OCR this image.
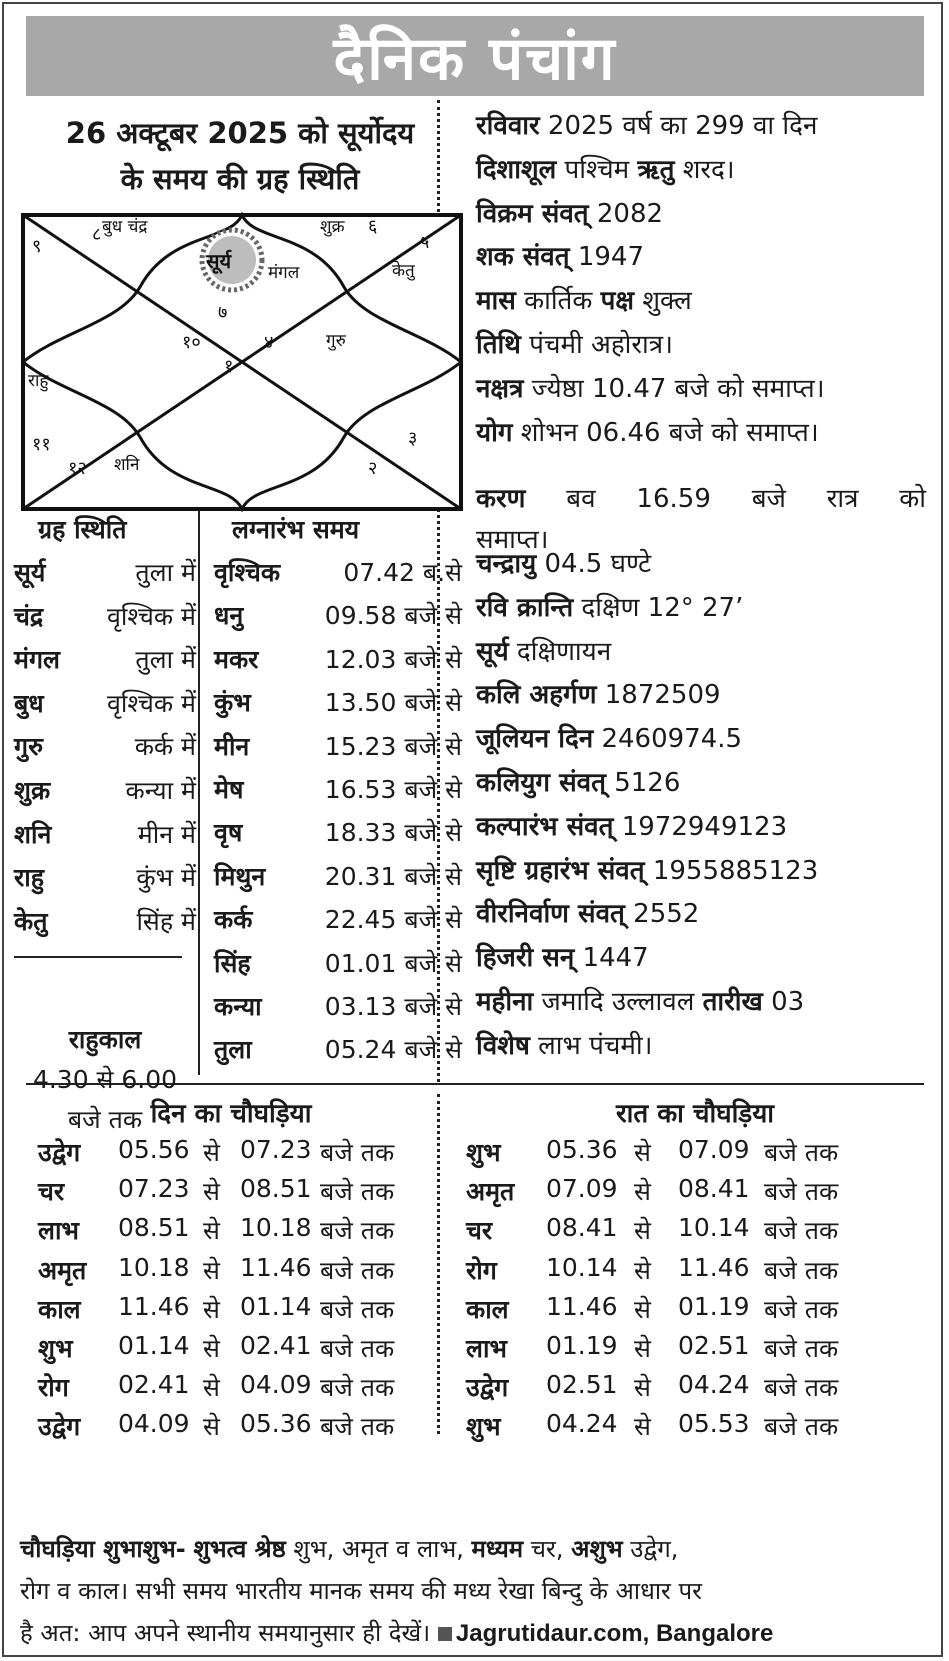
दैनिक पंचांग
26 अक्टूबर 2025 को सूर्योदय
के समय की ग्रह स्थिति
७
८
९
१०
११
१२
१
२
३
४
५
६
बुध चंद्र
सूर्य मंगल
शुक्र
केतु
गुरु
राहु
शनि
ग्रह स्थिति
सूर्य	तुला में
चंद्र	वृश्चिक में
मंगल	तुला में
बुध	वृश्चिक में
गुरु	कर्क में
शुक्र	कन्या में
शनि	मीन में
राहु	कुंभ में
केतु	सिंह में
राहुकाल
4.30 से 6.00
बजे तक
लग्नारंभ समय
वृश्चिक	07.42 ब.से
धनु	09.58 बजे से
मकर	12.03 बजे से
कुंभ	13.50 बजे से
मीन	15.23 बजे से
मेष	16.53 बजे से
वृष	18.33 बजे से
मिथुन 20.31 बजे से
कर्क	22.45 बजे से
सिंह	01.01 बजे से
कन्या	03.13 बजे से
तुला	05.24 बजे से
रविवार 2025 वर्ष का 299 वा दिन
दिशाशूल पश्चिम ऋतु शरद।
विक्रम संवत् 2082
शक संवत् 1947
मास कार्तिक पक्ष शुक्ल
तिथि पंचमी अहोरात्र।
नक्षत्र ज्येष्ठा 10.47 बजे को समाप्त।
योग शोभन 06.46 बजे को समाप्त।
करण बव 16.59 बजे रात्र को
समाप्त।
चन्द्रायु 04.5 घण्टे
रवि क्रान्ति दक्षिण 12° 27’
सूर्य दक्षिणायन
कलि अहर्गण 1872509
जूलियन दिन 2460974.5
कलियुग संवत् 5126
कल्पारंभ संवत् 1972949123
सृष्टि ग्रहारंभ संवत् 1955885123
वीरनिर्वाण संवत् 2552
हिजरी सन् 1447
महीना जमादि उल्लावल तारीख 03
विशेष लाभ पंचमी।
दिन का चौघड़िया	रात का चौघड़िया
उद्वेग 05.56 से 07.23 बजे तक
चर 07.23 से 08.51 बजे तक
लाभ 08.51 से 10.18 बजे तक
अमृत 10.18 से 11.46 बजे तक
काल 11.46 से 01.14 बजे तक
शुभ 01.14 से 02.41 बजे तक
रोग 02.41 से 04.09 बजे तक
उद्वेग 04.09 से 05.36 बजे तक
शुभ 05.36 से 07.09 बजे तक
अमृत 07.09 से 08.41 बजे तक
चर 08.41 से 10.14 बजे तक
रोग 10.14 से 11.46 बजे तक
काल 11.46 से 01.19 बजे तक
लाभ 01.19 से 02.51 बजे तक
उद्वेग 02.51 से 04.24 बजे तक
शुभ 04.24 से 05.53 बजे तक
चौघड़िया शुभाशुभ- शुभत्व श्रेष्ठ शुभ, अमृत व लाभ, मध्यम चर, अशुभ उद्वेग,
रोग व काल। सभी समय भारतीय मानक समय की मध्य रेखा बिन्दु के आधार पर
है अत: आप अपने स्थानीय समयानुसार ही देखें। Jagrutidaur.com, Bangalore
